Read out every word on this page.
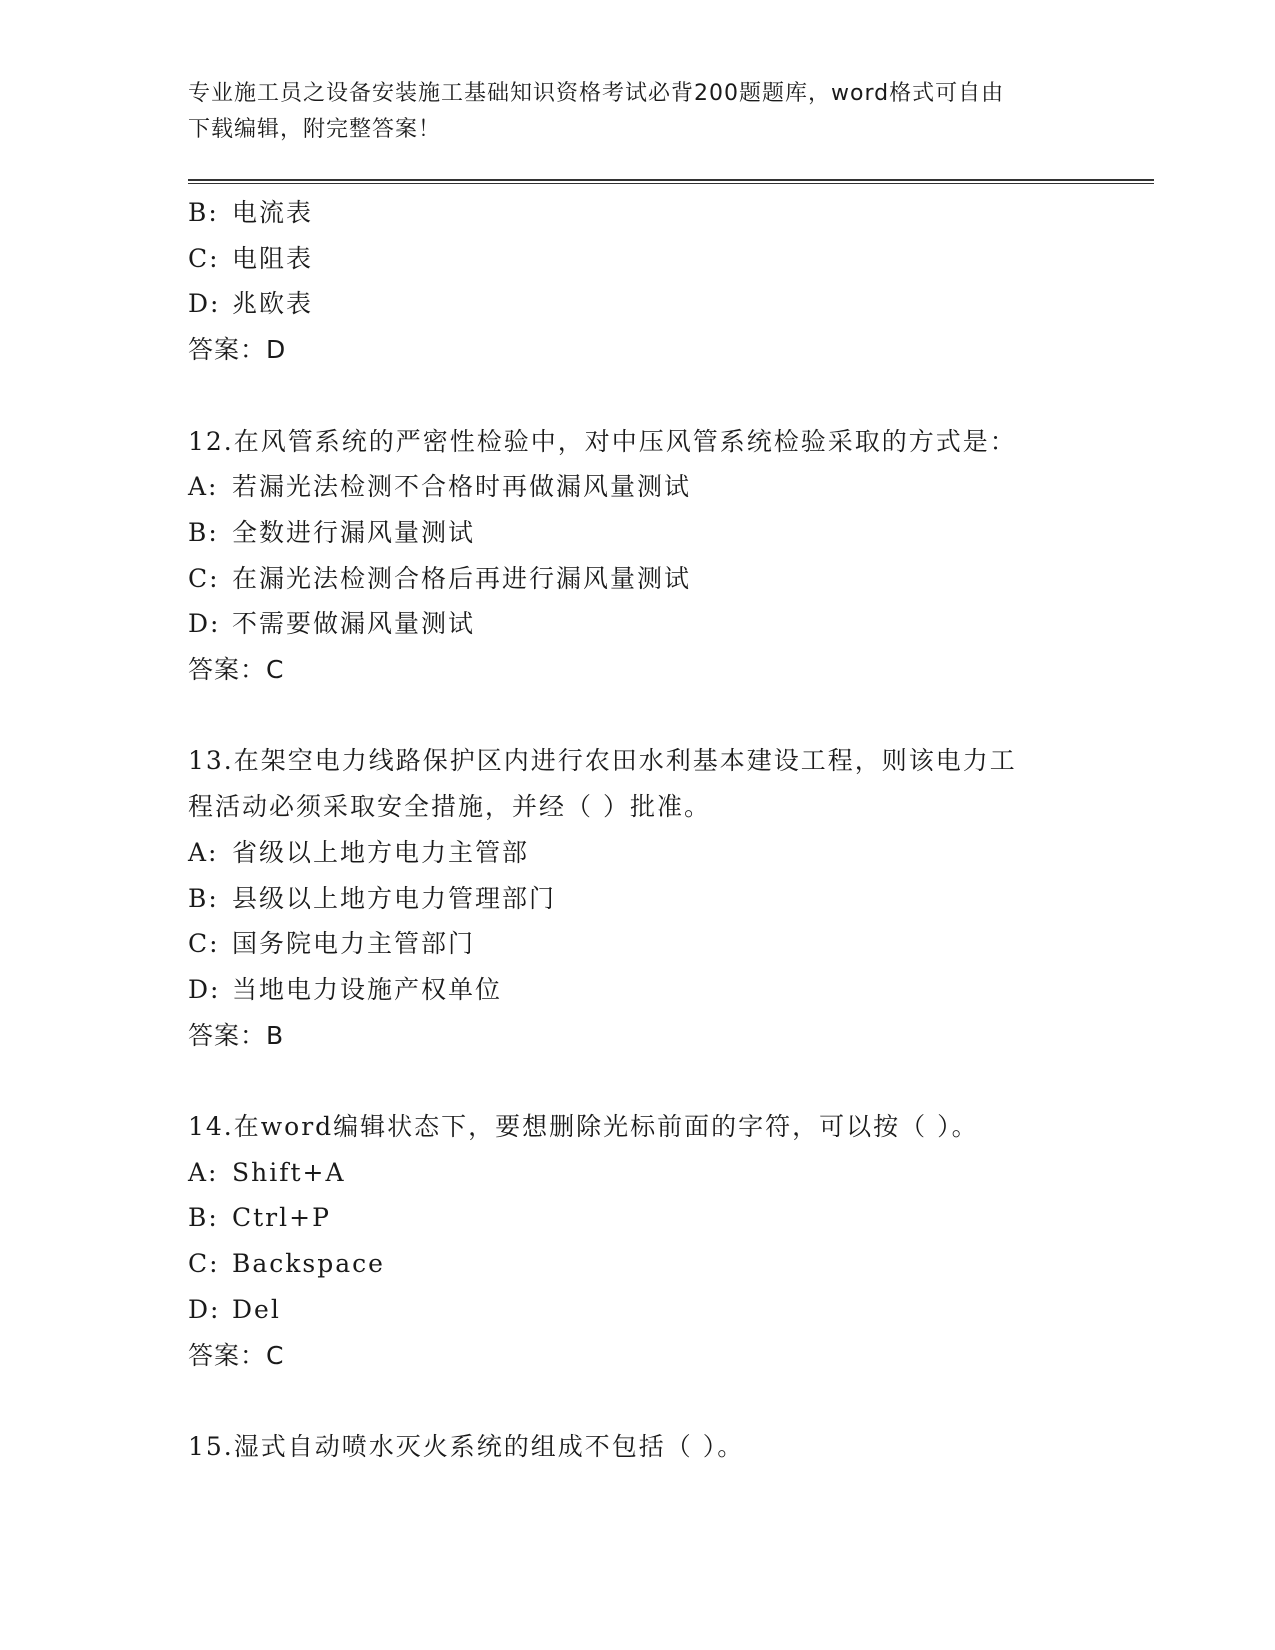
专业施工员之设备安装施工基础知识资格考试必背200题题库，word格式可自由
下载编辑，附完整答案！
B: 电流表
C: 电阻表
D: 兆欧表
答案：D
12.在风管系统的严密性检验中，对中压风管系统检验采取的方式是：
A: 若漏光法检测不合格时再做漏风量测试
B: 全数进行漏风量测试
C: 在漏光法检测合格后再进行漏风量测试
D: 不需要做漏风量测试
答案：C
13.在架空电力线路保护区内进行农田水利基本建设工程，则该电力工
程活动必须采取安全措施，并经（ ）批准。
A: 省级以上地方电力主管部
B: 县级以上地方电力管理部门
C: 国务院电力主管部门
D: 当地电力设施产权单位
答案：B
14.在word编辑状态下，要想删除光标前面的字符，可以按（ ）。
A: Shift+A
B: Ctrl+P
C: Backspace
D: Del
答案：C
15.湿式自动喷水灭火系统的组成不包括（ ）。
